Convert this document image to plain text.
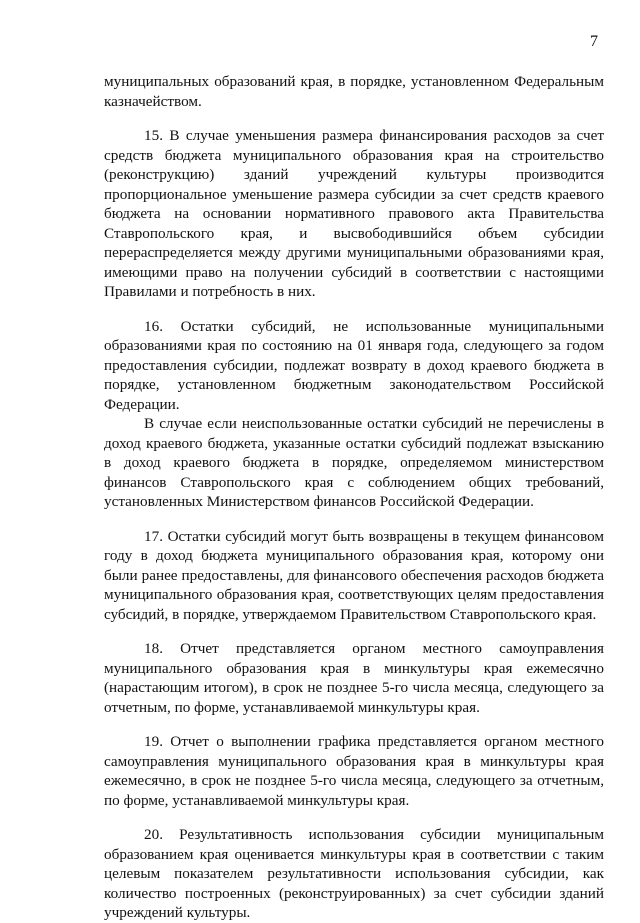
7

муниципальных образований края, в порядке, установленном Федеральным казначейством.

15. В случае уменьшения размера финансирования расходов за счет средств бюджета муниципального образования края на строительство (реконструкцию) зданий учреждений культуры производится пропорциональное уменьшение размера субсидии за счет средств краевого бюджета на основании нормативного правового акта Правительства Ставропольского края, и высвободившийся объем субсидии перераспределяется между другими муниципальными образованиями края, имеющими право на получении субсидий в соответствии с настоящими Правилами и потребность в них.

16. Остатки субсидий, не использованные муниципальными образованиями края по состоянию на 01 января года, следующего за годом предоставления субсидии, подлежат возврату в доход краевого бюджета в порядке, установленном бюджетным законодательством Российской Федерации.

В случае если неиспользованные остатки субсидий не перечислены в доход краевого бюджета, указанные остатки субсидий подлежат взысканию в доход краевого бюджета в порядке, определяемом министерством финансов Ставропольского края с соблюдением общих требований, установленных Министерством финансов Российской Федерации.

17. Остатки субсидий могут быть возвращены в текущем финансовом году в доход бюджета муниципального образования края, которому они были ранее предоставлены, для финансового обеспечения расходов бюджета муниципального образования края, соответствующих целям предоставления субсидий, в порядке, утверждаемом Правительством Ставропольского края.

18. Отчет представляется органом местного самоуправления муниципального образования края в минкультуры края ежемесячно (нарастающим итогом), в срок не позднее 5-го числа месяца, следующего за отчетным, по форме, устанавливаемой минкультуры края.

19. Отчет о выполнении графика представляется органом местного самоуправления муниципального образования края в минкультуры края ежемесячно, в срок не позднее 5-го числа месяца, следующего за отчетным, по форме, устанавливаемой минкультуры края.

20. Результативность использования субсидии муниципальным образованием края оценивается минкультуры края в соответствии с таким целевым показателем результативности использования субсидии, как количество построенных (реконструированных) за счет субсидии зданий учреждений культуры.
